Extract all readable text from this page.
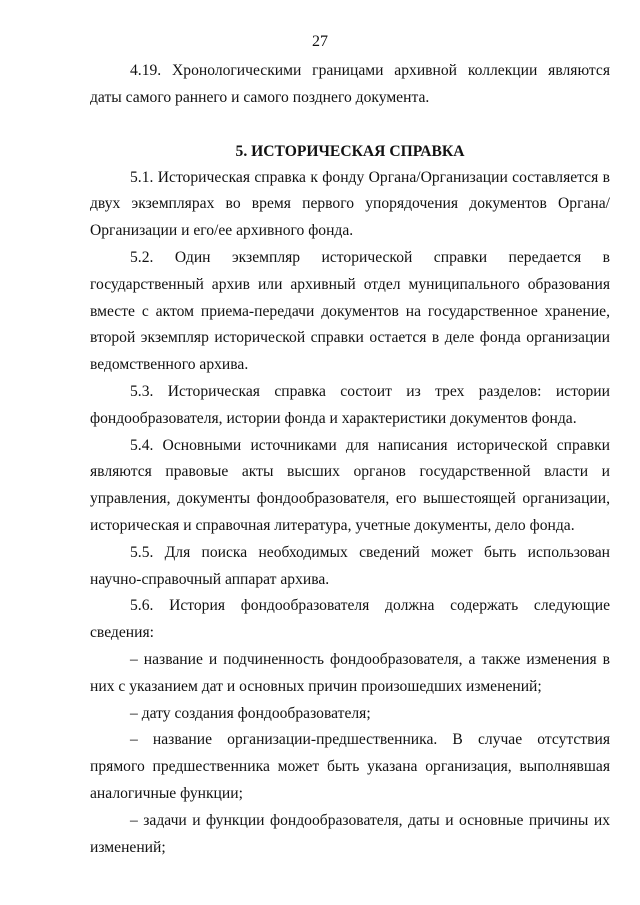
27

4.19. Хронологическими границами архивной коллекции являются даты самого раннего и самого позднего документа.

5. ИСТОРИЧЕСКАЯ СПРАВКА

5.1. Историческая справка к фонду Органа/Организации составляется в двух экземплярах во время первого упорядочения документов Органа/Организации и его/ее архивного фонда.

5.2. Один экземпляр исторической справки передается в государственный архив или архивный отдел муниципального образования вместе с актом приема-передачи документов на государственное хранение, второй экземпляр исторической справки остается в деле фонда организации ведомственного архива.

5.3. Историческая справка состоит из трех разделов: истории фондообразователя, истории фонда и характеристики документов фонда.

5.4. Основными источниками для написания исторической справки являются правовые акты высших органов государственной власти и управления, документы фондообразователя, его вышестоящей организации, историческая и справочная литература, учетные документы, дело фонда.

5.5. Для поиска необходимых сведений может быть использован научно-справочный аппарат архива.

5.6. История фондообразователя должна содержать следующие сведения:

– название и подчиненность фондообразователя, а также изменения в них с указанием дат и основных причин произошедших изменений;

– дату создания фондообразователя;

– название организации-предшественника. В случае отсутствия прямого предшественника может быть указана организация, выполнявшая аналогичные функции;

– задачи и функции фондообразователя, даты и основные причины их изменений;
